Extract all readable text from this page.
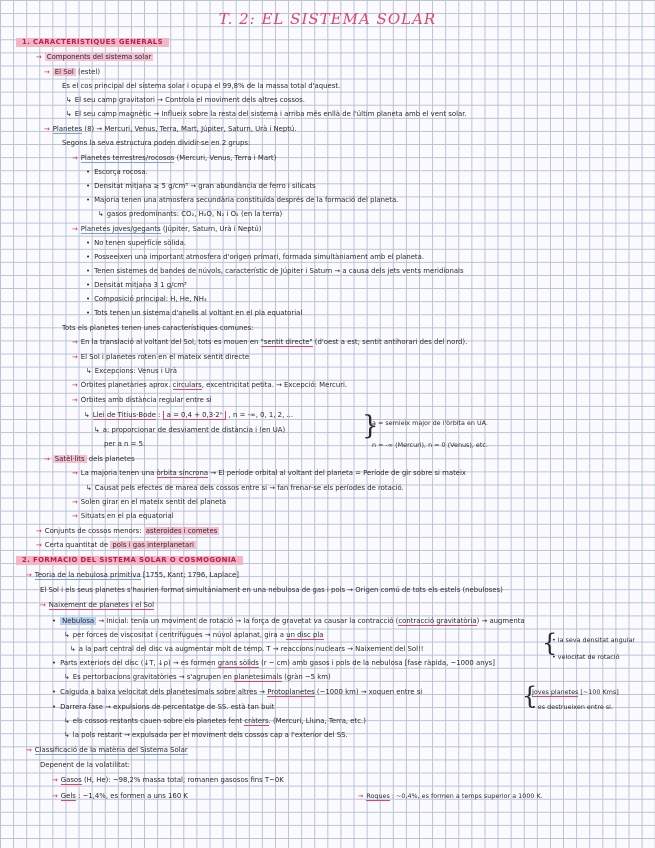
T. 2: EL SISTEMA SOLAR
1. CARACTERÍSTIQUES GENERALS
→ Components del sistema solar
→ El Sol (estel)
És el cos principal del sistema solar i ocupa el 99,8% de la massa total d'aquest.
↳ El seu camp gravitatori → Controla el moviment dels altres cossos.
↳ El seu camp magnètic → Influeix sobre la resta del sistema i arriba més enllà de l'últim planeta amb el vent solar.
→ Planetes (8) → Mercuri, Venus, Terra, Mart, Júpiter, Saturn, Urà i Neptú.
Segons la seva estructura poden dividir-se en 2 grups:
→ Planetes terrestres/rocosos (Mercuri, Venus, Terra i Mart)
• Escorça rocosa.
• Densitat mitjana ≥ 5 g/cm³ → gran abundància de ferro i silicats
• Majoria tenen una atmosfera secundària constituïda després de la formació del planeta.
↳ gasos predominants: CO₂, H₂O, N₂ i O₂ (en la terra)
→ Planetes joves/gegants (Júpiter, Saturn, Urà i Neptú)
• No tenen superfície sòlida.
• Posseeixen una important atmosfera d'origen primari, formada simultàniament amb el planeta.
• Tenen sistemes de bandes de núvols, característic de Júpiter i Saturn → a causa dels jets vents meridionals
• Densitat mitjana 3 1 g/cm³
• Composició principal: H, He, NH₃
• Tots tenen un sistema d'anells al voltant en el pla equatorial
Tots els planetes tenen unes característiques comunes:
→ En la translació al voltant del Sol, tots es mouen en "sentit directe" (d'oest a est; sentit antihorari des del nord).
→ El Sol i planetes roten en el mateix sentit directe
↳ Excepcions: Venus i Urà
→ Òrbites planetàries aprox. circulars, excentricitat petita. → Excepció: Mercuri.
→ Òrbites amb distància regular entre si
↳ Llei de Titius-Bode : a = 0,4 + 0,3·2ⁿ , n = -∞, 0, 1, 2, ...
↳ a: proporcionar de desviament de distància i (en UA)
per a n = 5.
→ Satèl·lits dels planetes
→ La majoria tenen una òrbita síncrona → El període orbital al voltant del planeta = Període de gir sobre si mateix
↳ Causat pels efectes de marea dels cossos entre si → fan frenar-se els períodes de rotació.
→ Solen girar en el mateix sentit del planeta
→ Situats en el pla equatorial
→ Conjunts de cossos menors: asteroides i cometes
→ Certa quantitat de pols i gas interplanetari
2. FORMACIÓ DEL SISTEMA SOLAR O COSMOGONIA
→ Teoria de la nebulosa primitiva [1755, Kant; 1796, Laplace]
El Sol i els seus planetes s'haurien format simultàniament en una nebulosa de gas i pols → Origen comú de tots els estels (nebuloses)
→ Naixement de planetes i el Sol
• Nebulosa → Inicial: tenia un moviment de rotació → la força de gravetat va causar la contracció (contracció gravitatòria) → augmenta
↳ per forces de viscositat i centrífugues → núvol aplanat, gira a un disc pla
↳ a la part central del disc va augmentar molt de temp. T → reaccions nuclears → Naixement del Sol!!
• Parts exteriors del disc (↓T, ↓ρ) → es formen grans sòlids (r ~ cm) amb gasos i pols de la nebulosa [fase ràpida, ~1000 anys]
↳ Es pertorbacions gravitatòries → s'agrupen en planetesimals (gràn ~5 km)
• Caiguda a baixa velocitat dels planetesimals sobre altres → Protoplanetes (~1000 km) → xoquen entre si
• Darrera fase → expulsions de percentatge de SS. està tan buit
↳ els cossos restants cauen sobre els planetes fent cràters. (Mercuri, Lluna, Terra, etc.)
↳ la pols restant → expulsada per el moviment dels cossos cap a l'exterior del SS.
→ Classificació de la matèria del Sistema Solar
Depenent de la volatilitat:
→ Gasos (H, He): ~98,2% massa total; romanen gasosos fins T~0K
→ Gels : ~1,4%, es formen a uns 160 K
a = semieix major de l'òrbita en UA.
n = -∞ (Mercuri), n = 0 (Venus), etc.
• la seva densitat angular
• velocitat de rotació
Joves planetes [~100 Kms]
• es destrueixen entre si.
→ Roques : ~0,4%, es formen a temps superior a 1000 K.
}
{
{
